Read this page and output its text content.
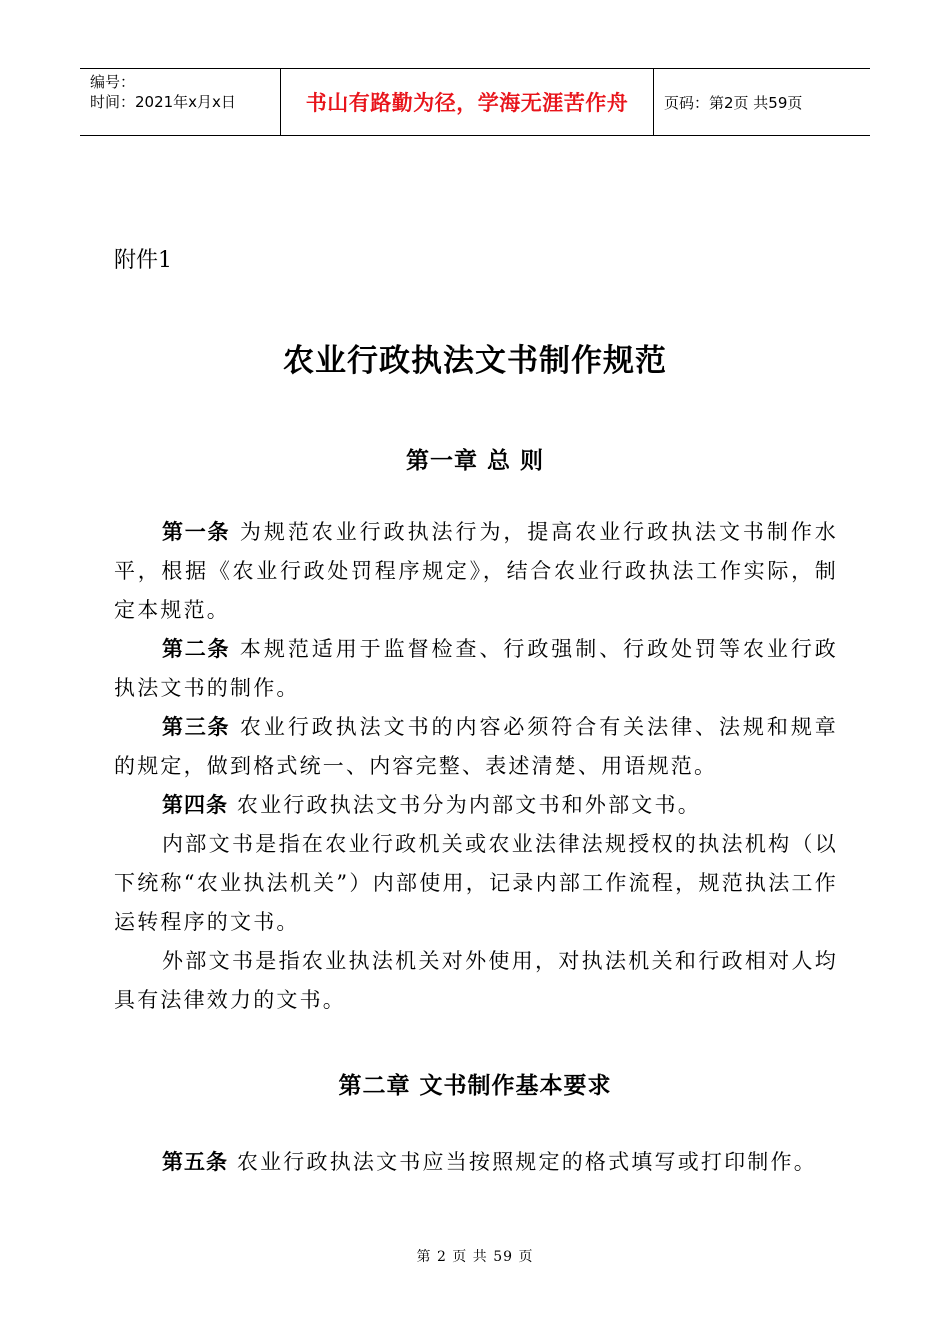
编号：
时间：2021年x月x日	书山有路勤为径，学海无涯苦作舟	页码：第2页 共59页
附件1
农业行政执法文书制作规范
第一章 总 则

第一条 为规范农业行政执法行为，提高农业行政执法文书制作水平，根据《农业行政处罚程序规定》，结合农业行政执法工作实际，制定本规范。

第二条 本规范适用于监督检查、行政强制、行政处罚等农业行政执法文书的制作。

第三条 农业行政执法文书的内容必须符合有关法律、法规和规章的规定，做到格式统一、内容完整、表述清楚、用语规范。

第四条 农业行政执法文书分为内部文书和外部文书。

内部文书是指在农业行政机关或农业法律法规授权的执法机构（以下统称“农业执法机关”）内部使用，记录内部工作流程，规范执法工作运转程序的文书。

外部文书是指农业执法机关对外使用，对执法机关和行政相对人均具有法律效力的文书。

第二章 文书制作基本要求

第五条 农业行政执法文书应当按照规定的格式填写或打印制作。

第 2 页 共 59 页
